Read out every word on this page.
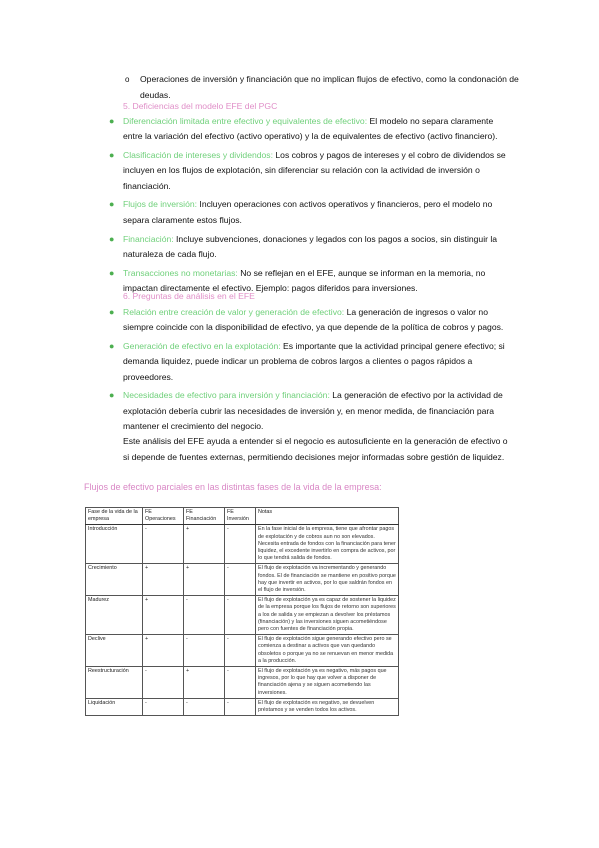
o Operaciones de inversión y financiación que no implican flujos de efectivo, como la condonación de deudas.
5. Deficiencias del modelo EFE del PGC
● Diferenciación limitada entre efectivo y equivalentes de efectivo: El modelo no separa claramente entre la variación del efectivo (activo operativo) y la de equivalentes de efectivo (activo financiero).
● Clasificación de intereses y dividendos: Los cobros y pagos de intereses y el cobro de dividendos se incluyen en los flujos de explotación, sin diferenciar su relación con la actividad de inversión o financiación.
● Flujos de inversión: Incluyen operaciones con activos operativos y financieros, pero el modelo no separa claramente estos flujos.
● Financiación: Incluye subvenciones, donaciones y legados con los pagos a socios, sin distinguir la naturaleza de cada flujo.
● Transacciones no monetarias: No se reflejan en el EFE, aunque se informan en la memoria, no impactan directamente el efectivo. Ejemplo: pagos diferidos para inversiones.
6. Preguntas de análisis en el EFE
● Relación entre creación de valor y generación de efectivo: La generación de ingresos o valor no siempre coincide con la disponibilidad de efectivo, ya que depende de la política de cobros y pagos.
● Generación de efectivo en la explotación: Es importante que la actividad principal genere efectivo; si demanda liquidez, puede indicar un problema de cobros largos a clientes o pagos rápidos a proveedores.
● Necesidades de efectivo para inversión y financiación: La generación de efectivo por la actividad de explotación debería cubrir las necesidades de inversión y, en menor medida, de financiación para mantener el crecimiento del negocio.
Este análisis del EFE ayuda a entender si el negocio es autosuficiente en la generación de efectivo o si depende de fuentes externas, permitiendo decisiones mejor informadas sobre gestión de liquidez.
Flujos de efectivo parciales en las distintas fases de la vida de la empresa:
Fase de la vida de la empresa	FE Operaciones	FE Financiación	FE Inversión	Notas
Introducción	-	+	-	En la fase inicial de la empresa, tiene que afrontar pagos de explotación y de cobros aun no son elevados. Necesita entrada de fondos con la financiación para tener liquidez, el excedente invertirlo en compra de activos, por lo que tendrá salida de fondos.
Crecimiento	+	+	-	El flujo de explotación va incrementando y generando fondos. El de financiación se mantiene en positivo porque hay que invertir en activos, por lo que saldrán fondos en el flujo de inversión.
Madurez	+	-	-	El flujo de explotación ya es capaz de sostener la liquidez de la empresa porque los flujos de retorno son superiores a los de salida y se empiezan a devolver los préstamos (financiación) y las inversiones siguen acometiéndose pero con fuentes de financiación propia.
Declive	+	-	-	El flujo de explotación sigue generando efectivo pero se comienza a destinar a activos que van quedando obsoletos o porque ya no se renuevan en menor medida a la producción.
Reestructuración	-	+	-	El flujo de explotación ya es negativo, más pagos que ingresos, por lo que hay que volver a disponer de financiación ajena y se siguen acometiendo las inversiones.
Liquidación	-	-	-	El flujo de explotación es negativo, se devuelven préstamos y se venden todos los activos.
